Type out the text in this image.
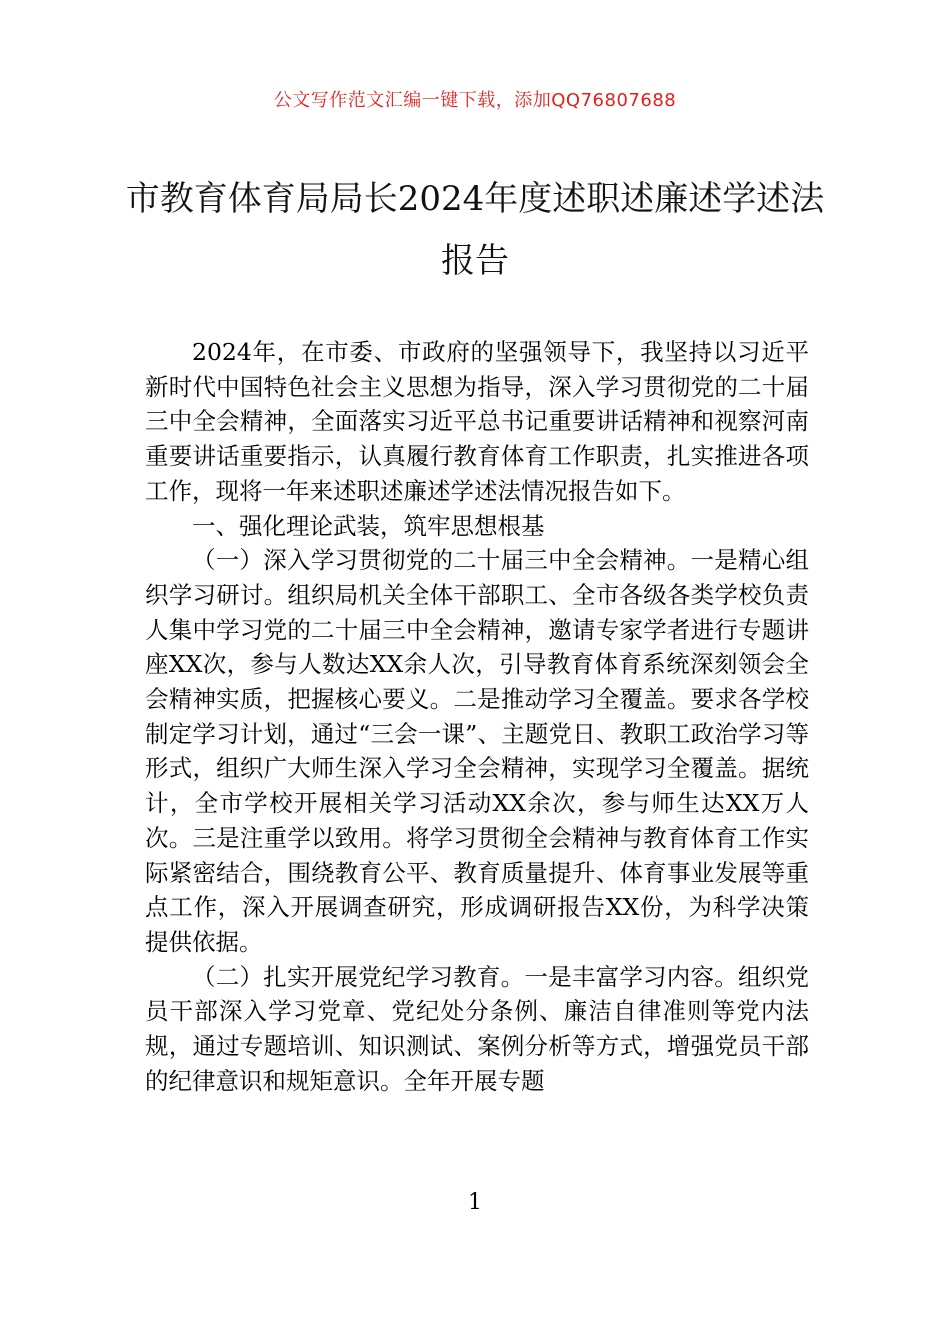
公文写作范文汇编一键下载，添加QQ76807688
市教育体育局局长2024年度述职述廉述学述法报告

2024年，在市委、市政府的坚强领导下，我坚持以习近平新时代中国特色社会主义思想为指导，深入学习贯彻党的二十届三中全会精神，全面落实习近平总书记重要讲话精神和视察河南重要讲话重要指示，认真履行教育体育工作职责，扎实推进各项工作，现将一年来述职述廉述学述法情况报告如下。

一、强化理论武装，筑牢思想根基

（一）深入学习贯彻党的二十届三中全会精神。一是精心组织学习研讨。组织局机关全体干部职工、全市各级各类学校负责人集中学习党的二十届三中全会精神，邀请专家学者进行专题讲座XX次，参与人数达XX余人次，引导教育体育系统深刻领会全会精神实质，把握核心要义。二是推动学习全覆盖。要求各学校制定学习计划，通过“三会一课”、主题党日、教职工政治学习等形式，组织广大师生深入学习全会精神，实现学习全覆盖。据统计，全市学校开展相关学习活动XX余次，参与师生达XX万人次。三是注重学以致用。将学习贯彻全会精神与教育体育工作实际紧密结合，围绕教育公平、教育质量提升、体育事业发展等重点工作，深入开展调查研究，形成调研报告XX份，为科学决策提供依据。

（二）扎实开展党纪学习教育。一是丰富学习内容。组织党员干部深入学习党章、党纪处分条例、廉洁自律准则等党内法规，通过专题培训、知识测试、案例分析等方式，增强党员干部的纪律意识和规矩意识。全年开展专题

1
